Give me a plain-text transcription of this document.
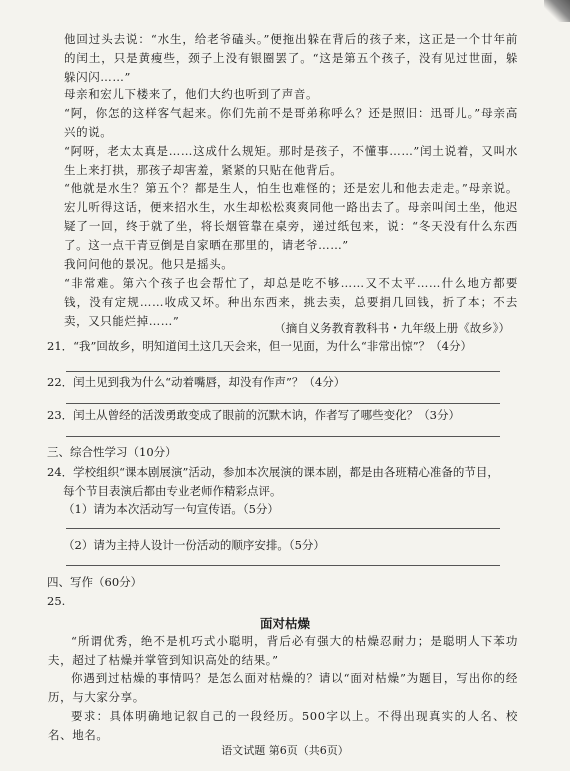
他回过头去说：“水生，给老爷磕头。”便拖出躲在背后的孩子来，这正是一个廿年前的闰土，只是黄瘦些，颈子上没有银圈罢了。“这是第五个孩子，没有见过世面，躲躲闪闪……”

母亲和宏儿下楼来了，他们大约也听到了声音。

“阿，你怎的这样客气起来。你们先前不是哥弟称呼么？还是照旧：迅哥儿。”母亲高兴的说。

“阿呀，老太太真是……这成什么规矩。那时是孩子，不懂事……”闰土说着，又叫水生上来打拱，那孩子却害羞，紧紧的只贴在他背后。

“他就是水生？第五个？都是生人，怕生也难怪的；还是宏儿和他去走走。”母亲说。宏儿听得这话，便来招水生，水生却松松爽爽同他一路出去了。母亲叫闰土坐，他迟疑了一回，终于就了坐，将长烟管靠在桌旁，递过纸包来，说：“冬天没有什么东西了。这一点干青豆倒是自家晒在那里的，请老爷……”

我问问他的景况。他只是摇头。

“非常难。第六个孩子也会帮忙了，却总是吃不够……又不太平……什么地方都要钱，没有定规……收成又坏。种出东西来，挑去卖，总要捐几回钱，折了本；不去卖，又只能烂掉……”	（摘自义务教育教科书・九年级上册《故乡》）

21．“我”回故乡，明知道闰土这几天会来，但一见面，为什么“非常出惊”？（4分）

22．闰土见到我为什么“动着嘴唇，却没有作声”？（4分）

23．闰土从曾经的活泼勇敢变成了眼前的沉默木讷，作者写了哪些变化？（3分）

三、综合性学习（10分）

24．学校组织“课本剧展演”活动，参加本次展演的课本剧，都是由各班精心准备的节目，

每个节目表演后都由专业老师作精彩点评。

（1）请为本次活动写一句宣传语。（5分）

（2）请为主持人设计一份活动的顺序安排。（5分）

四、写作（60分）

25.

面对枯燥

“所谓优秀，绝不是机巧式小聪明，背后必有强大的枯燥忍耐力；是聪明人下苯功夫，超过了枯燥并掌管到知识高处的结果。”

你遇到过枯燥的事情吗？是怎么面对枯燥的？请以“面对枯燥”为题目，写出你的经历，与大家分享。

要求：具体明确地记叙自己的一段经历。500字以上。不得出现真实的人名、校名、地名。

语文试题 第6页（共6页）
